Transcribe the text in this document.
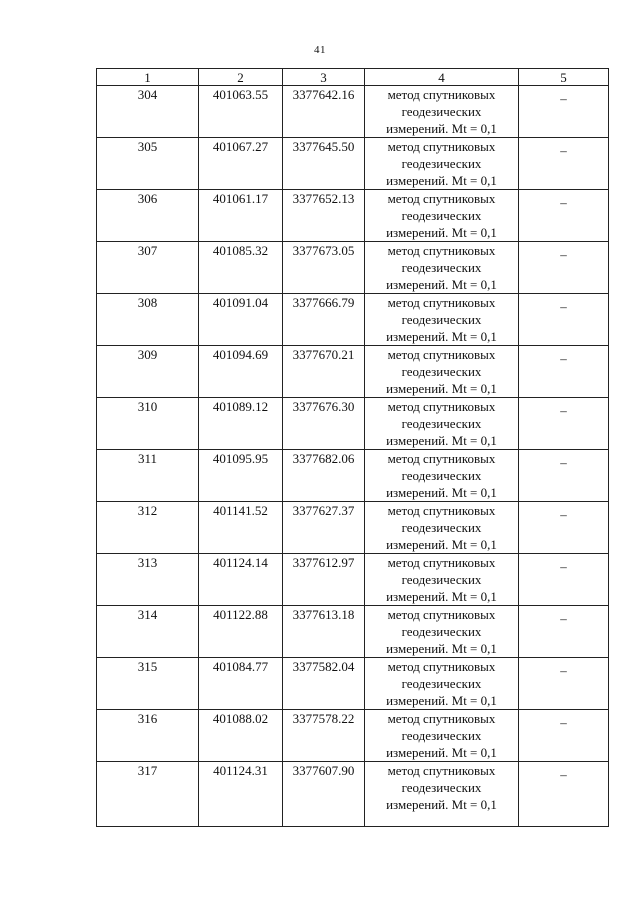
41
1	2	3	4	5
304	401063.55	3377642.16	метод спутниковых
геодезических
измерений. Mt = 0,1	–
305	401067.27	3377645.50	метод спутниковых
геодезических
измерений. Mt = 0,1	–
306	401061.17	3377652.13	метод спутниковых
геодезических
измерений. Mt = 0,1	–
307	401085.32	3377673.05	метод спутниковых
геодезических
измерений. Mt = 0,1	–
308	401091.04	3377666.79	метод спутниковых
геодезических
измерений. Mt = 0,1	–
309	401094.69	3377670.21	метод спутниковых
геодезических
измерений. Mt = 0,1	–
310	401089.12	3377676.30	метод спутниковых
геодезических
измерений. Mt = 0,1	–
311	401095.95	3377682.06	метод спутниковых
геодезических
измерений. Mt = 0,1	–
312	401141.52	3377627.37	метод спутниковых
геодезических
измерений. Mt = 0,1	–
313	401124.14	3377612.97	метод спутниковых
геодезических
измерений. Mt = 0,1	–
314	401122.88	3377613.18	метод спутниковых
геодезических
измерений. Mt = 0,1	–
315	401084.77	3377582.04	метод спутниковых
геодезических
измерений. Mt = 0,1	–
316	401088.02	3377578.22	метод спутниковых
геодезических
измерений. Mt = 0,1	–
317	401124.31	3377607.90	метод спутниковых
геодезических
измерений. Mt = 0,1	–
